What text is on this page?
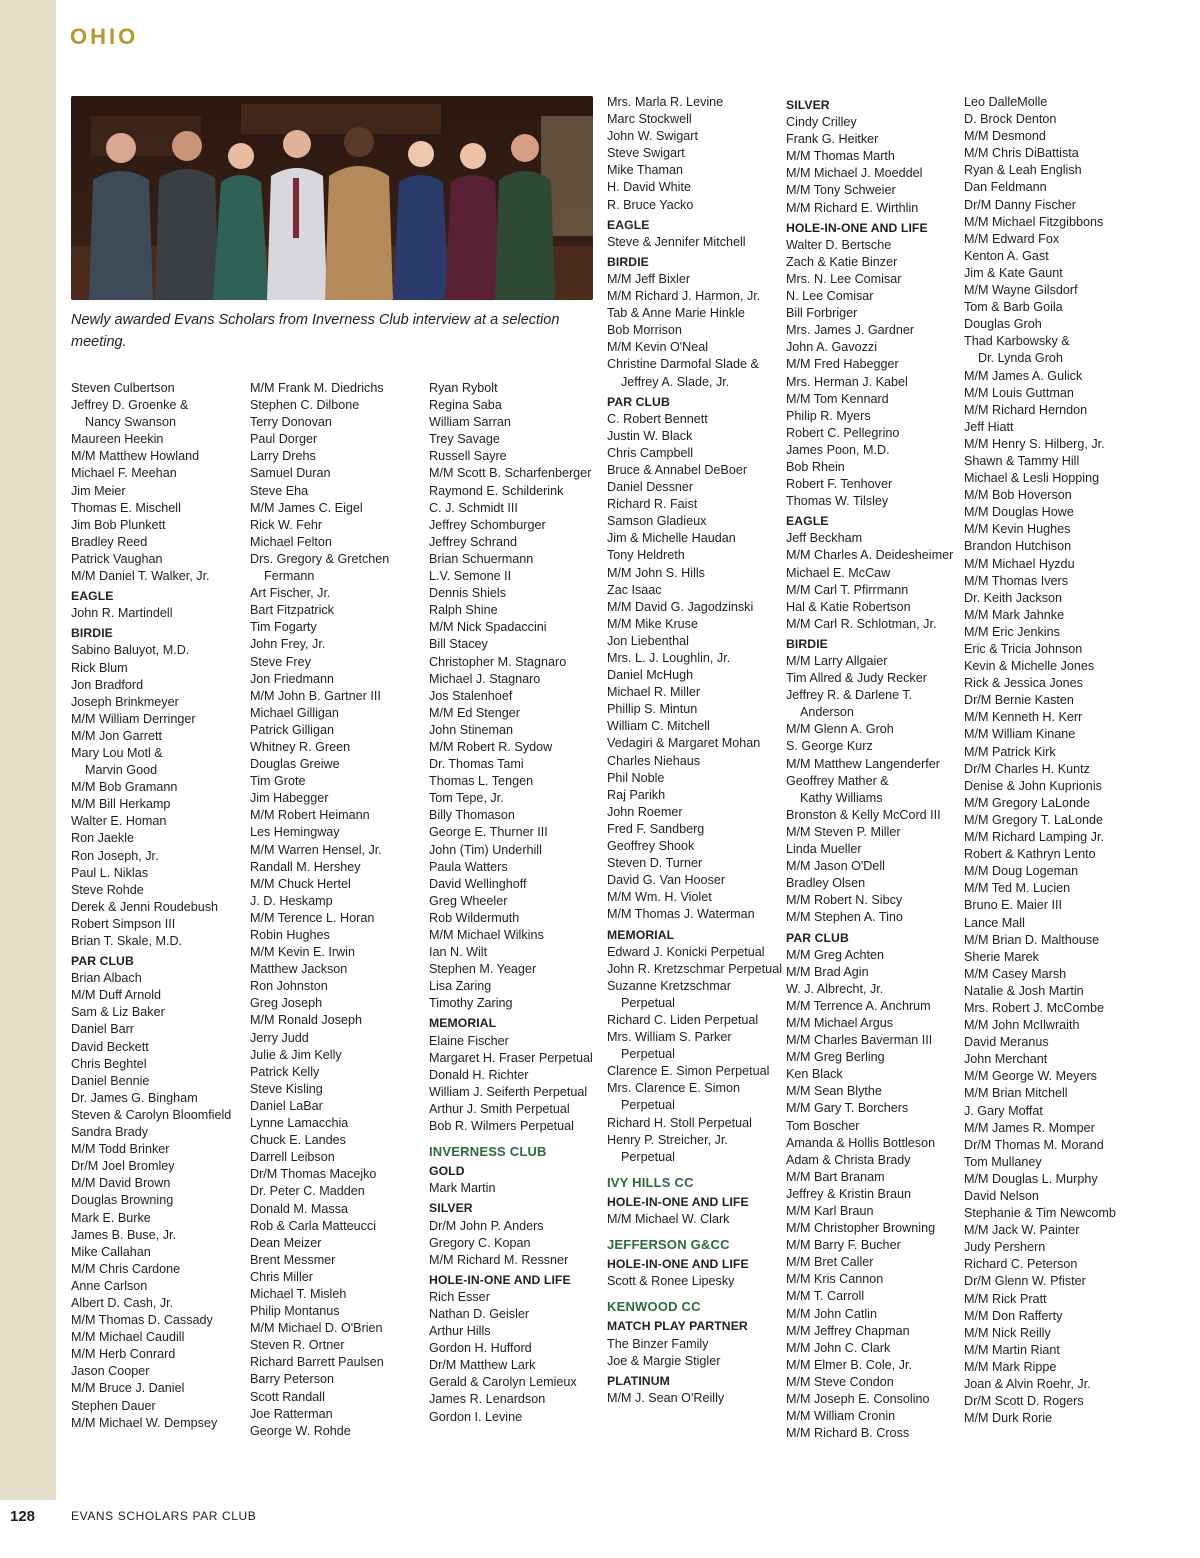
128	EVANS SCHOLARS PAR CLUB
OHIO
Newly awarded Evans Scholars from Inverness Club interview at a selection meeting.
Steven Culbertson
Jeffrey D. Groenke &
Nancy Swanson
Maureen Heekin
M/M Matthew Howland
Michael F. Meehan
Jim Meier
Thomas E. Mischell
Jim Bob Plunkett
Bradley Reed
Patrick Vaughan
M/M Daniel T. Walker, Jr.
EAGLE
John R. Martindell
BIRDIE
Sabino Baluyot, M.D.
Rick Blum
Jon Bradford
Joseph Brinkmeyer
M/M William Derringer
M/M Jon Garrett
Mary Lou Motl &
Marvin Good
M/M Bob Gramann
M/M Bill Herkamp
Walter E. Homan
Ron Jaekle
Ron Joseph, Jr.
Paul L. Niklas
Steve Rohde
Derek & Jenni Roudebush
Robert Simpson III
Brian T. Skale, M.D.
PAR CLUB
Brian Albach
M/M Duff Arnold
Sam & Liz Baker
Daniel Barr
David Beckett
Chris Beghtel
Daniel Bennie
Dr. James G. Bingham
Steven & Carolyn Bloomfield
Sandra Brady
M/M Todd Brinker
Dr/M Joel Bromley
M/M David Brown
Douglas Browning
Mark E. Burke
James B. Buse, Jr.
Mike Callahan
M/M Chris Cardone
Anne Carlson
Albert D. Cash, Jr.
M/M Thomas D. Cassady
M/M Michael Caudill
M/M Herb Conrard
Jason Cooper
M/M Bruce J. Daniel
Stephen Dauer
M/M Michael W. Dempsey
M/M Frank M. Diedrichs
Stephen C. Dilbone
Terry Donovan
Paul Dorger
Larry Drehs
Samuel Duran
Steve Eha
M/M James C. Eigel
Rick W. Fehr
Michael Felton
Drs. Gregory & Gretchen
Fermann
Art Fischer, Jr.
Bart Fitzpatrick
Tim Fogarty
John Frey, Jr.
Steve Frey
Jon Friedmann
M/M John B. Gartner III
Michael Gilligan
Patrick Gilligan
Whitney R. Green
Douglas Greiwe
Tim Grote
Jim Habegger
M/M Robert Heimann
Les Hemingway
M/M Warren Hensel, Jr.
Randall M. Hershey
M/M Chuck Hertel
J. D. Heskamp
M/M Terence L. Horan
Robin Hughes
M/M Kevin E. Irwin
Matthew Jackson
Ron Johnston
Greg Joseph
M/M Ronald Joseph
Jerry Judd
Julie & Jim Kelly
Patrick Kelly
Steve Kisling
Daniel LaBar
Lynne Lamacchia
Chuck E. Landes
Darrell Leibson
Dr/M Thomas Macejko
Dr. Peter C. Madden
Donald M. Massa
Rob & Carla Matteucci
Dean Meizer
Brent Messmer
Chris Miller
Michael T. Misleh
Philip Montanus
M/M Michael D. O'Brien
Steven R. Ortner
Richard Barrett Paulsen
Barry Peterson
Scott Randall
Joe Ratterman
George W. Rohde
Ryan Rybolt
Regina Saba
William Sarran
Trey Savage
Russell Sayre
M/M Scott B. Scharfenberger
Raymond E. Schilderink
C. J. Schmidt III
Jeffrey Schomburger
Jeffrey Schrand
Brian Schuermann
L.V. Semone II
Dennis Shiels
Ralph Shine
M/M Nick Spadaccini
Bill Stacey
Christopher M. Stagnaro
Michael J. Stagnaro
Jos Stalenhoef
M/M Ed Stenger
John Stineman
M/M Robert R. Sydow
Dr. Thomas Tami
Thomas L. Tengen
Tom Tepe, Jr.
Billy Thomason
George E. Thurner III
John (Tim) Underhill
Paula Watters
David Wellinghoff
Greg Wheeler
Rob Wildermuth
M/M Michael Wilkins
Ian N. Wilt
Stephen M. Yeager
Lisa Zaring
Timothy Zaring
MEMORIAL
Elaine Fischer
Margaret H. Fraser Perpetual
Donald H. Richter
William J. Seiferth Perpetual
Arthur J. Smith Perpetual
Bob R. Wilmers Perpetual
INVERNESS CLUB
GOLD
Mark Martin
SILVER
Dr/M John P. Anders
Gregory C. Kopan
M/M Richard M. Ressner
HOLE-IN-ONE AND LIFE
Rich Esser
Nathan D. Geisler
Arthur Hills
Gordon H. Hufford
Dr/M Matthew Lark
Gerald & Carolyn Lemieux
James R. Lenardson
Gordon I. Levine
Mrs. Marla R. Levine
Marc Stockwell
John W. Swigart
Steve Swigart
Mike Thaman
H. David White
R. Bruce Yacko
EAGLE
Steve & Jennifer Mitchell
BIRDIE
M/M Jeff Bixler
M/M Richard J. Harmon, Jr.
Tab & Anne Marie Hinkle
Bob Morrison
M/M Kevin O'Neal
Christine Darmofal Slade &
Jeffrey A. Slade, Jr.
PAR CLUB
C. Robert Bennett
Justin W. Black
Chris Campbell
Bruce & Annabel DeBoer
Daniel Dessner
Richard R. Faist
Samson Gladieux
Jim & Michelle Haudan
Tony Heldreth
M/M John S. Hills
Zac Isaac
M/M David G. Jagodzinski
M/M Mike Kruse
Jon Liebenthal
Mrs. L. J. Loughlin, Jr.
Daniel McHugh
Michael R. Miller
Phillip S. Mintun
William C. Mitchell
Vedagiri & Margaret Mohan
Charles Niehaus
Phil Noble
Raj Parikh
John Roemer
Fred F. Sandberg
Geoffrey Shook
Steven D. Turner
David G. Van Hooser
M/M Wm. H. Violet
M/M Thomas J. Waterman
MEMORIAL
Edward J. Konicki Perpetual
John R. Kretzschmar Perpetual
Suzanne Kretzschmar
Perpetual
Richard C. Liden Perpetual
Mrs. William S. Parker
Perpetual
Clarence E. Simon Perpetual
Mrs. Clarence E. Simon
Perpetual
Richard H. Stoll Perpetual
Henry P. Streicher, Jr.
Perpetual
IVY HILLS CC
HOLE-IN-ONE AND LIFE
M/M Michael W. Clark
JEFFERSON G&CC
HOLE-IN-ONE AND LIFE
Scott & Ronee Lipesky
KENWOOD CC
MATCH PLAY PARTNER
The Binzer Family
Joe & Margie Stigler
PLATINUM
M/M J. Sean O'Reilly
SILVER
Cindy Crilley
Frank G. Heitker
M/M Thomas Marth
M/M Michael J. Moeddel
M/M Tony Schweier
M/M Richard E. Wirthlin
HOLE-IN-ONE AND LIFE
Walter D. Bertsche
Zach & Katie Binzer
Mrs. N. Lee Comisar
N. Lee Comisar
Bill Forbriger
Mrs. James J. Gardner
John A. Gavozzi
M/M Fred Habegger
Mrs. Herman J. Kabel
M/M Tom Kennard
Philip R. Myers
Robert C. Pellegrino
James Poon, M.D.
Bob Rhein
Robert F. Tenhover
Thomas W. Tilsley
EAGLE
Jeff Beckham
M/M Charles A. Deidesheimer
Michael E. McCaw
M/M Carl T. Pfirrmann
Hal & Katie Robertson
M/M Carl R. Schlotman, Jr.
BIRDIE
M/M Larry Allgaier
Tim Allred & Judy Recker
Jeffrey R. & Darlene T.
Anderson
M/M Glenn A. Groh
S. George Kurz
M/M Matthew Langenderfer
Geoffrey Mather &
Kathy Williams
Bronston & Kelly McCord III
M/M Steven P. Miller
Linda Mueller
M/M Jason O'Dell
Bradley Olsen
M/M Robert N. Sibcy
M/M Stephen A. Tino
PAR CLUB
M/M Greg Achten
M/M Brad Agin
W. J. Albrecht, Jr.
M/M Terrence A. Anchrum
M/M Michael Argus
M/M Charles Baverman III
M/M Greg Berling
Ken Black
M/M Sean Blythe
M/M Gary T. Borchers
Tom Boscher
Amanda & Hollis Bottleson
Adam & Christa Brady
M/M Bart Branam
Jeffrey & Kristin Braun
M/M Karl Braun
M/M Christopher Browning
M/M Barry F. Bucher
M/M Bret Caller
M/M Kris Cannon
M/M T. Carroll
M/M John Catlin
M/M Jeffrey Chapman
M/M John C. Clark
M/M Elmer B. Cole, Jr.
M/M Steve Condon
M/M Joseph E. Consolino
M/M William Cronin
M/M Richard B. Cross
Leo DalleMolle
D. Brock Denton
M/M Desmond
M/M Chris DiBattista
Ryan & Leah English
Dan Feldmann
Dr/M Danny Fischer
M/M Michael Fitzgibbons
M/M Edward Fox
Kenton A. Gast
Jim & Kate Gaunt
M/M Wayne Gilsdorf
Tom & Barb Goila
Douglas Groh
Thad Karbowsky &
Dr. Lynda Groh
M/M James A. Gulick
M/M Louis Guttman
M/M Richard Herndon
Jeff Hiatt
M/M Henry S. Hilberg, Jr.
Shawn & Tammy Hill
Michael & Lesli Hopping
M/M Bob Hoverson
M/M Douglas Howe
M/M Kevin Hughes
Brandon Hutchison
M/M Michael Hyzdu
M/M Thomas Ivers
Dr. Keith Jackson
M/M Mark Jahnke
M/M Eric Jenkins
Eric & Tricia Johnson
Kevin & Michelle Jones
Rick & Jessica Jones
Dr/M Bernie Kasten
M/M Kenneth H. Kerr
M/M William Kinane
M/M Patrick Kirk
Dr/M Charles H. Kuntz
Denise & John Kuprionis
M/M Gregory LaLonde
M/M Gregory T. LaLonde
M/M Richard Lamping Jr.
Robert & Kathryn Lento
M/M Doug Logeman
M/M Ted M. Lucien
Bruno E. Maier III
Lance Mall
M/M Brian D. Malthouse
Sherie Marek
M/M Casey Marsh
Natalie & Josh Martin
Mrs. Robert J. McCombe
M/M John McIlwraith
David Meranus
John Merchant
M/M George W. Meyers
M/M Brian Mitchell
J. Gary Moffat
M/M James R. Momper
Dr/M Thomas M. Morand
Tom Mullaney
M/M Douglas L. Murphy
David Nelson
Stephanie & Tim Newcomb
M/M Jack W. Painter
Judy Pershern
Richard C. Peterson
Dr/M Glenn W. Pfister
M/M Rick Pratt
M/M Don Rafferty
M/M Nick Reilly
M/M Martin Riant
M/M Mark Rippe
Joan & Alvin Roehr, Jr.
Dr/M Scott D. Rogers
M/M Durk Rorie
